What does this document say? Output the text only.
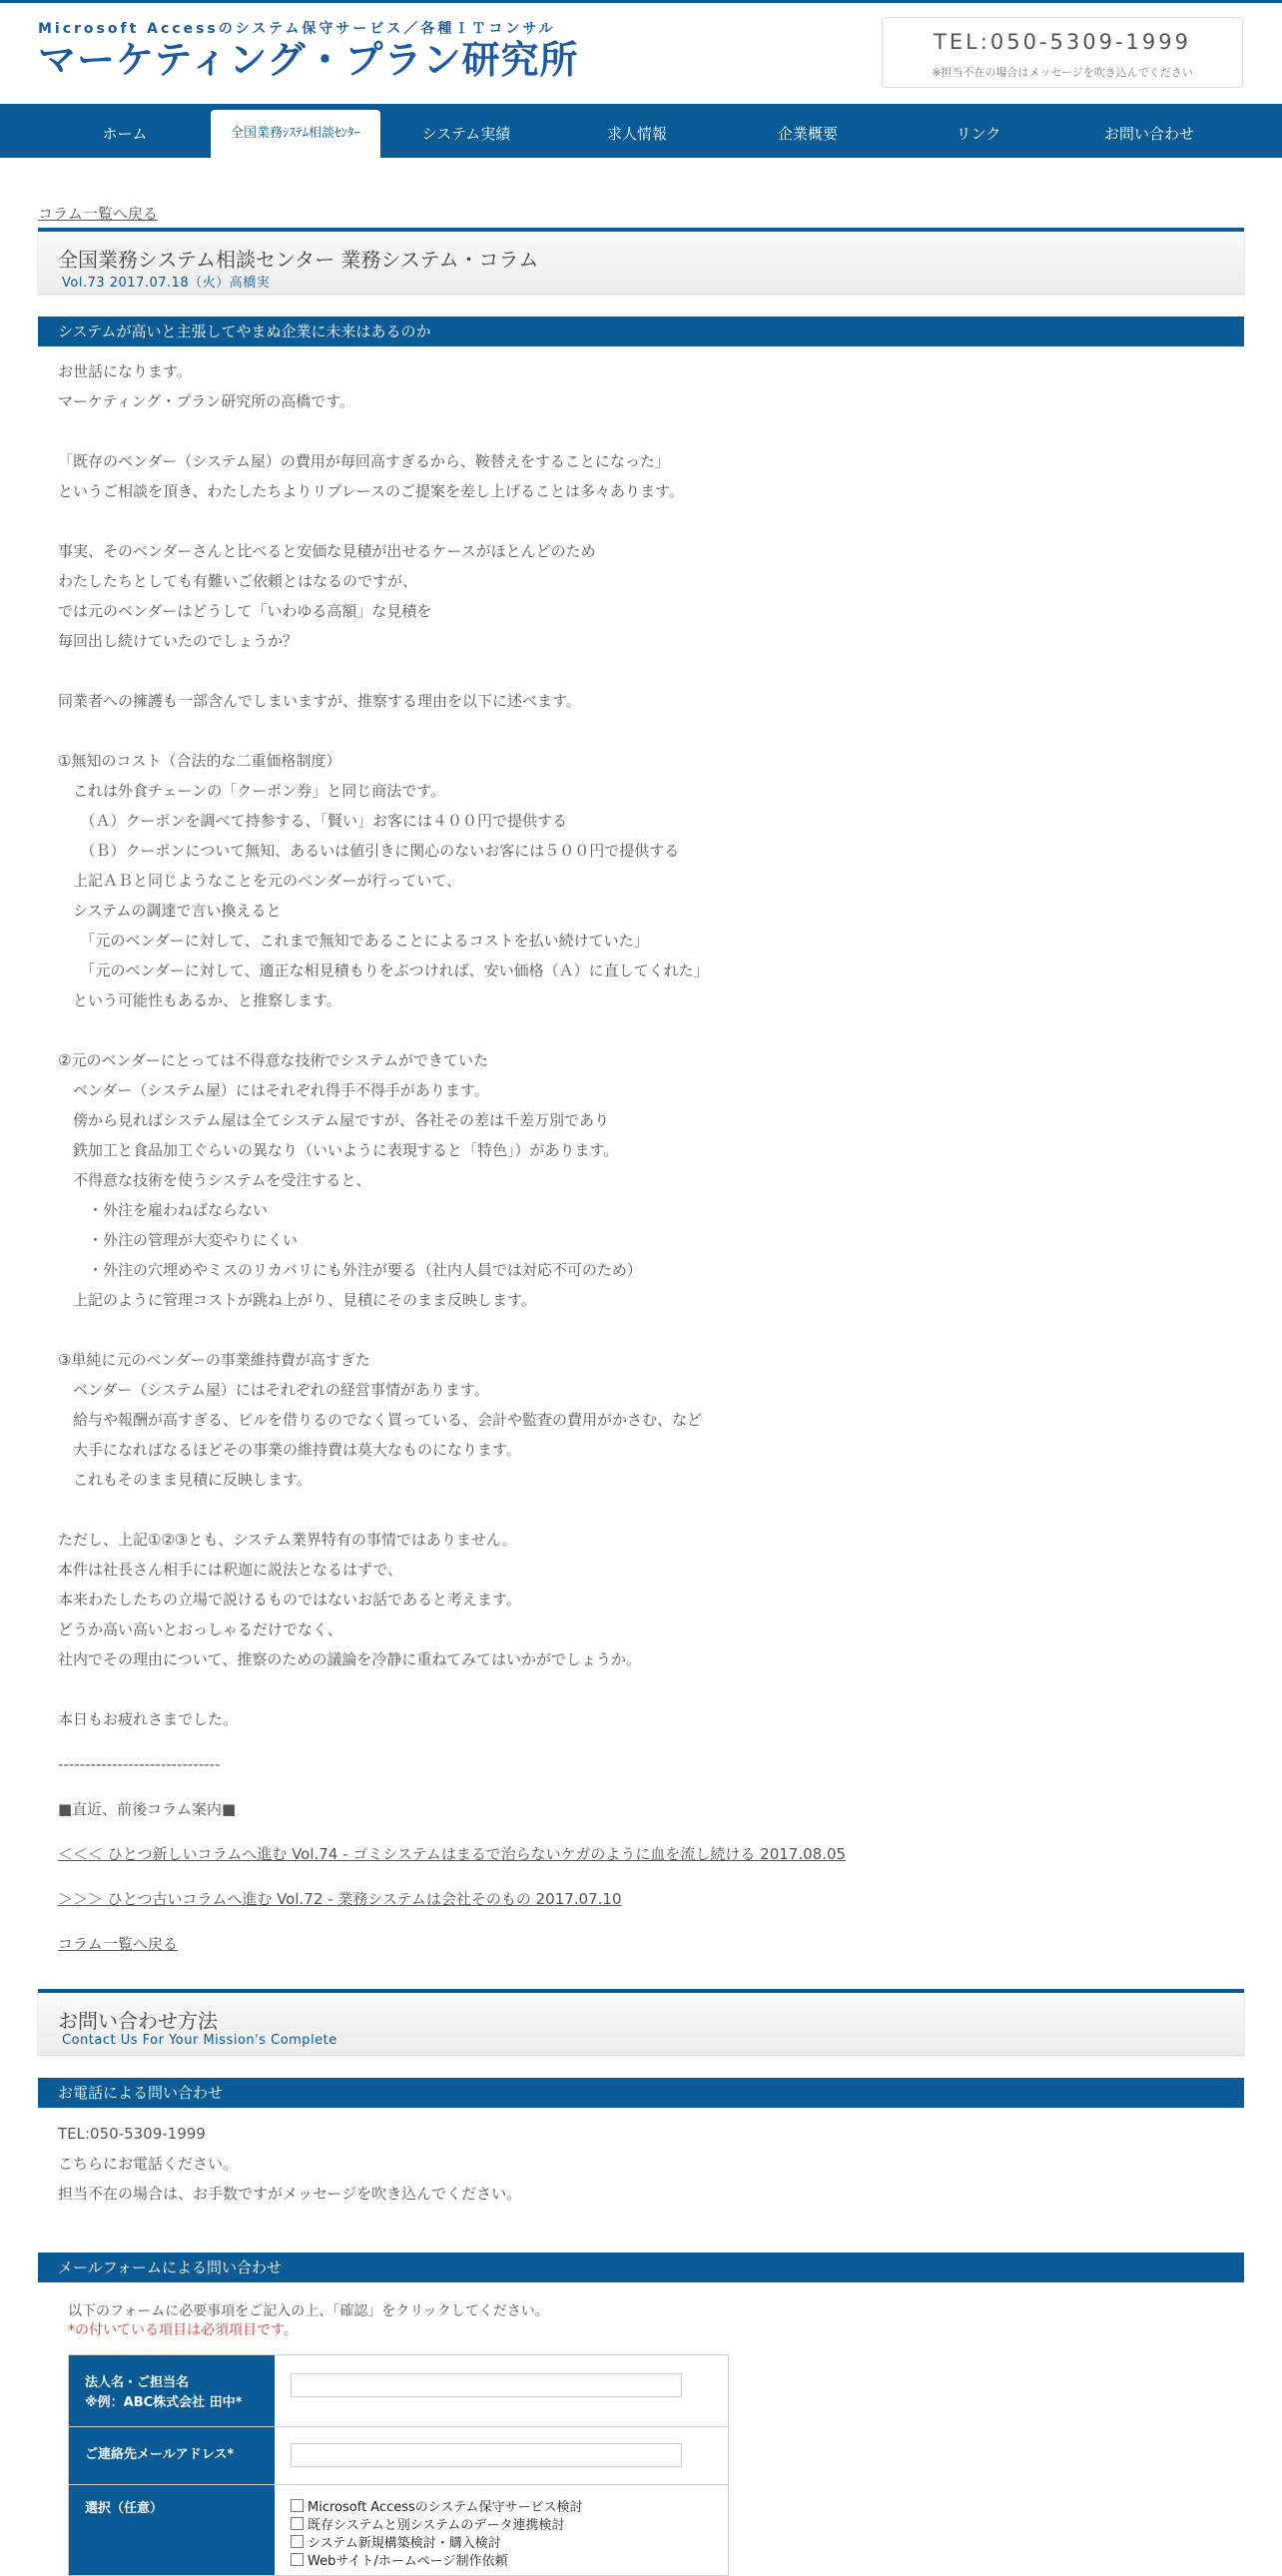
Microsoft Accessのシステム保守サービス／各種ＩＴコンサル
マーケティング・プラン研究所	TEL:050-5309-1999
※担当不在の場合はメッセージを吹き込んでください
ホーム	全国業務ｼｽﾃﾑ相談ｾﾝﾀｰ	システム実績	求人情報	企業概要	リンク	お問い合わせ
コラム一覧へ戻る
全国業務システム相談センター 業務システム・コラム
Vol.73 2017.07.18（火）高橋実
システムが高いと主張してやまぬ企業に未来はあるのか
お世話になります。
マーケティング・プラン研究所の高橋です。
「既存のベンダー（システム屋）の費用が毎回高すぎるから、鞍替えをすることになった」
というご相談を頂き、わたしたちよりリプレースのご提案を差し上げることは多々あります。
事実、そのベンダーさんと比べると安価な見積が出せるケースがほとんどのため
わたしたちとしても有難いご依頼とはなるのですが、
では元のベンダーはどうして「いわゆる高額」な見積を
毎回出し続けていたのでしょうか？
同業者への擁護も一部含んでしまいますが、推察する理由を以下に述べます。
①無知のコスト（合法的な二重価格制度）
　これは外食チェーンの「クーポン券」と同じ商法です。
　　（Ａ）クーポンを調べて持参する、「賢い」お客には４００円で提供する
　　（Ｂ）クーポンについて無知、あるいは値引きに関心のないお客には５００円で提供する
　上記ＡＢと同じようなことを元のベンダーが行っていて、
　システムの調達で言い換えると
　　「元のベンダーに対して、これまで無知であることによるコストを払い続けていた」
　　「元のベンダーに対して、適正な相見積もりをぶつければ、安い価格（Ａ）に直してくれた」
　という可能性もあるか、と推察します。
②元のベンダーにとっては不得意な技術でシステムができていた
　ベンダー（システム屋）にはそれぞれ得手不得手があります。
　傍から見ればシステム屋は全てシステム屋ですが、各社その差は千差万別であり
　鉄加工と食品加工ぐらいの異なり（いいように表現すると「特色」）があります。
　不得意な技術を使うシステムを受注すると、
　　・外注を雇わねばならない
　　・外注の管理が大変やりにくい
　　・外注の穴埋めやミスのリカバリにも外注が要る（社内人員では対応不可のため）
　上記のように管理コストが跳ね上がり、見積にそのまま反映します。
③単純に元のベンダーの事業維持費が高すぎた
　ベンダー（システム屋）にはそれぞれの経営事情があります。
　給与や報酬が高すぎる、ビルを借りるのでなく買っている、会計や監査の費用がかさむ、など
　大手になればなるほどその事業の維持費は莫大なものになります。
　これもそのまま見積に反映します。
ただし、上記①②③とも、システム業界特有の事情ではありません。
本件は社長さん相手には釈迦に説法となるはずで、
本来わたしたちの立場で説けるものではないお話であると考えます。
どうか高い高いとおっしゃるだけでなく、
社内でその理由について、推察のための議論を冷静に重ねてみてはいかがでしょうか。
本日もお疲れさまでした。
------------------------------
■直近、前後コラム案内■
＜＜＜ ひとつ新しいコラムへ進む Vol.74 - ゴミシステムはまるで治らないケガのように血を流し続ける 2017.08.05
＞＞＞ ひとつ古いコラムへ進む Vol.72 - 業務システムは会社そのもの 2017.07.10
コラム一覧へ戻る
お問い合わせ方法
Contact Us For Your Mission's Complete
お電話による問い合わせ
TEL:050-5309-1999
こちらにお電話ください。
担当不在の場合は、お手数ですがメッセージを吹き込んでください。
メールフォームによる問い合わせ
以下のフォームに必要事項をご記入の上、「確認」をクリックしてください。
*の付いている項目は必須項目です。
法人名・ご担当名
※例：ABC株式会社 田中*
ご連絡先メールアドレス*
選択（任意）	Microsoft Accessのシステム保守サービス検討
既存システムと別システムのデータ連携検討
システム新規構築検討・購入検討
Webサイト/ホームページ制作依頼
